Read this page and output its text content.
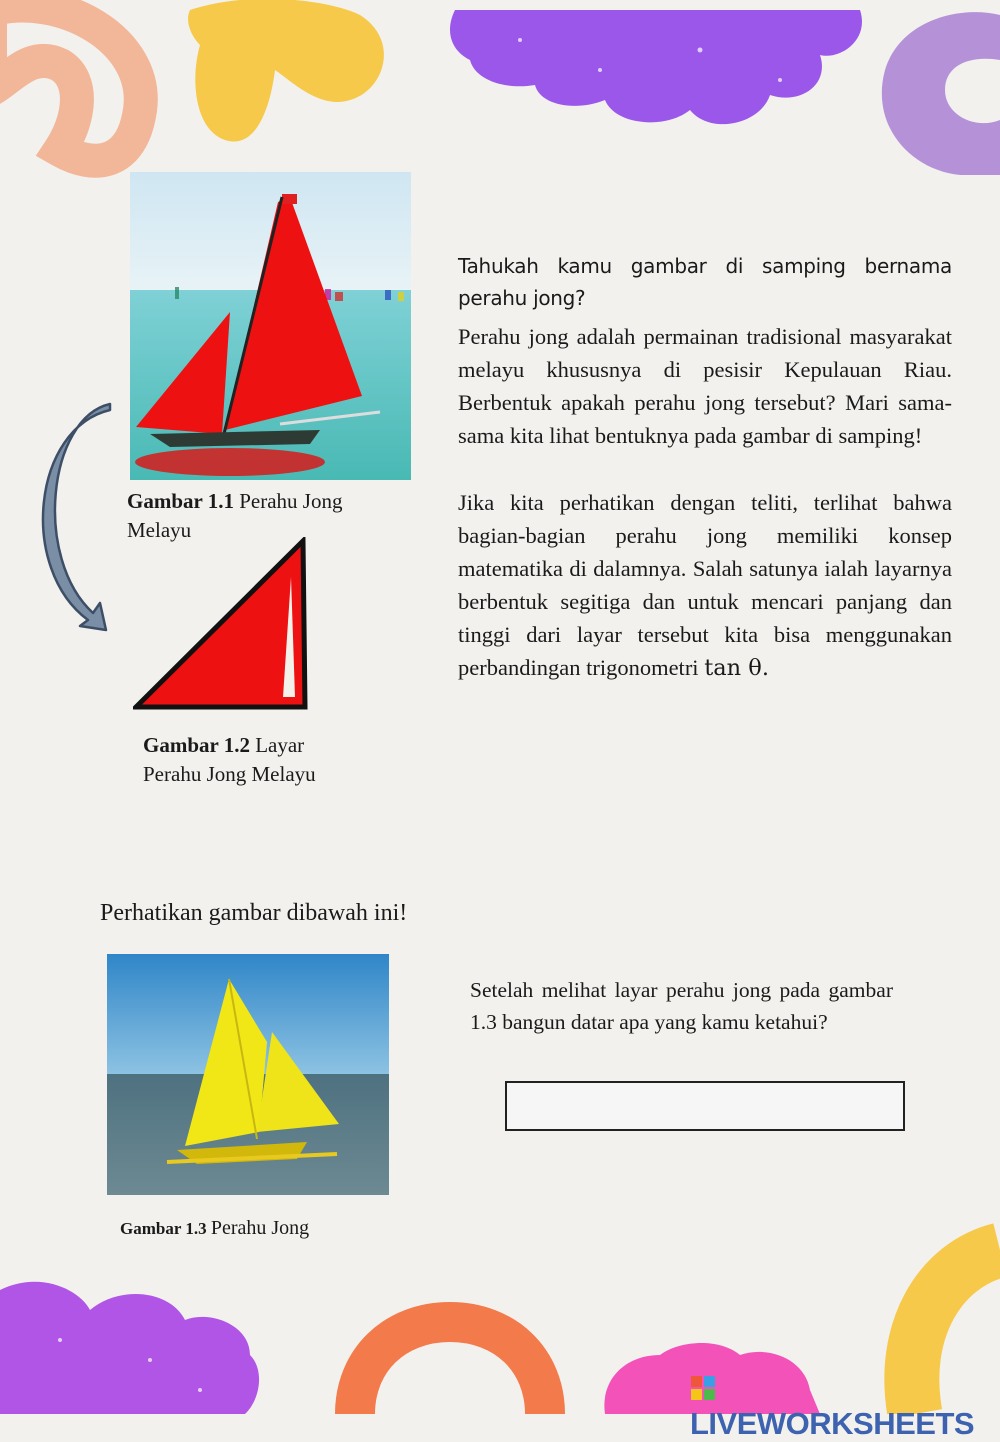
Gambar 1.1 Perahu Jong Melayu
Gambar 1.2 Layar Perahu Jong Melayu
Tahukah kamu gambar di samping bernama perahu jong?
Perahu jong adalah permainan tradisional masyarakat melayu khususnya di pesisir Kepulauan Riau. Berbentuk apakah perahu jong tersebut? Mari sama-sama kita lihat bentuknya pada gambar di samping!
Jika kita perhatikan dengan teliti, terlihat bahwa bagian-bagian perahu jong memiliki konsep matematika di dalamnya. Salah satunya ialah layarnya berbentuk segitiga dan untuk mencari panjang dan tinggi dari layar tersebut kita bisa menggunakan perbandingan trigonometri tan θ.
Perhatikan gambar dibawah ini!
Gambar 1.3 Perahu Jong
Setelah melihat layar perahu jong pada gambar 1.3 bangun datar apa yang kamu ketahui?
LIVEWORKSHEETS
